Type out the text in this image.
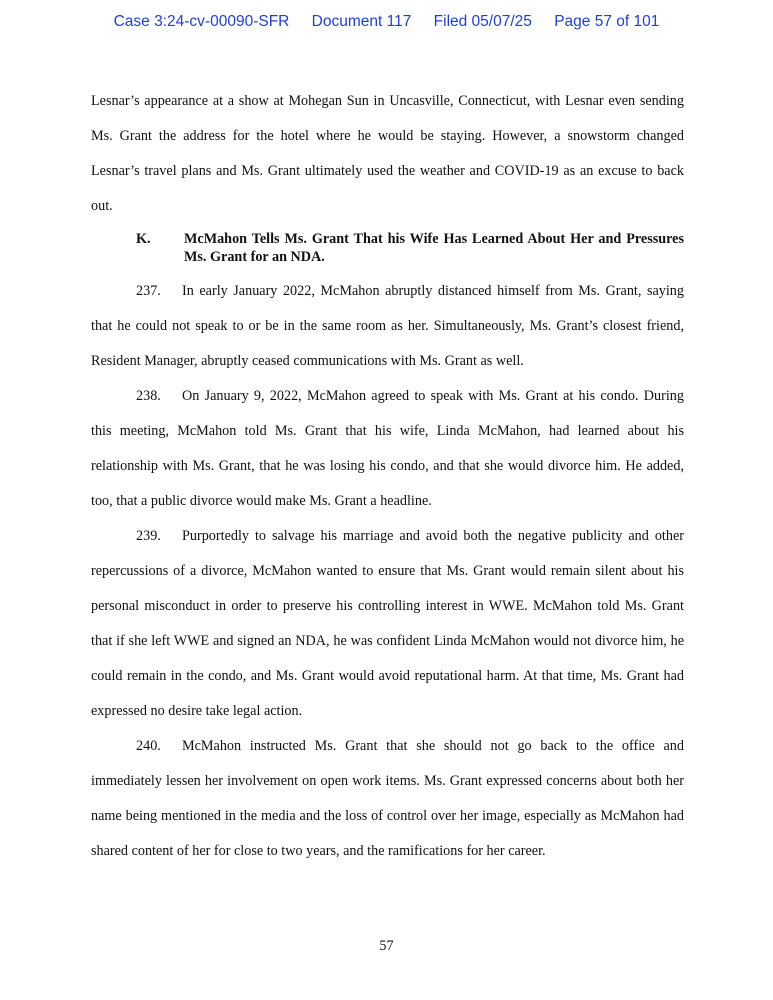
Case 3:24-cv-00090-SFR Document 117 Filed 05/07/25 Page 57 of 101

Lesnar’s appearance at a show at Mohegan Sun in Uncasville, Connecticut, with Lesnar even sending Ms. Grant the address for the hotel where he would be staying. However, a snowstorm changed Lesnar’s travel plans and Ms. Grant ultimately used the weather and COVID-19 as an excuse to back out.

K.	McMahon Tells Ms. Grant That his Wife Has Learned About Her and Pressures Ms. Grant for an NDA.

237. In early January 2022, McMahon abruptly distanced himself from Ms. Grant, saying that he could not speak to or be in the same room as her. Simultaneously, Ms. Grant’s closest friend, Resident Manager, abruptly ceased communications with Ms. Grant as well.

238. On January 9, 2022, McMahon agreed to speak with Ms. Grant at his condo. During this meeting, McMahon told Ms. Grant that his wife, Linda McMahon, had learned about his relationship with Ms. Grant, that he was losing his condo, and that she would divorce him. He added, too, that a public divorce would make Ms. Grant a headline.

239. Purportedly to salvage his marriage and avoid both the negative publicity and other repercussions of a divorce, McMahon wanted to ensure that Ms. Grant would remain silent about his personal misconduct in order to preserve his controlling interest in WWE. McMahon told Ms. Grant that if she left WWE and signed an NDA, he was confident Linda McMahon would not divorce him, he could remain in the condo, and Ms. Grant would avoid reputational harm. At that time, Ms. Grant had expressed no desire take legal action.

240. McMahon instructed Ms. Grant that she should not go back to the office and immediately lessen her involvement on open work items. Ms. Grant expressed concerns about both her name being mentioned in the media and the loss of control over her image, especially as McMahon had shared content of her for close to two years, and the ramifications for her career.

57
